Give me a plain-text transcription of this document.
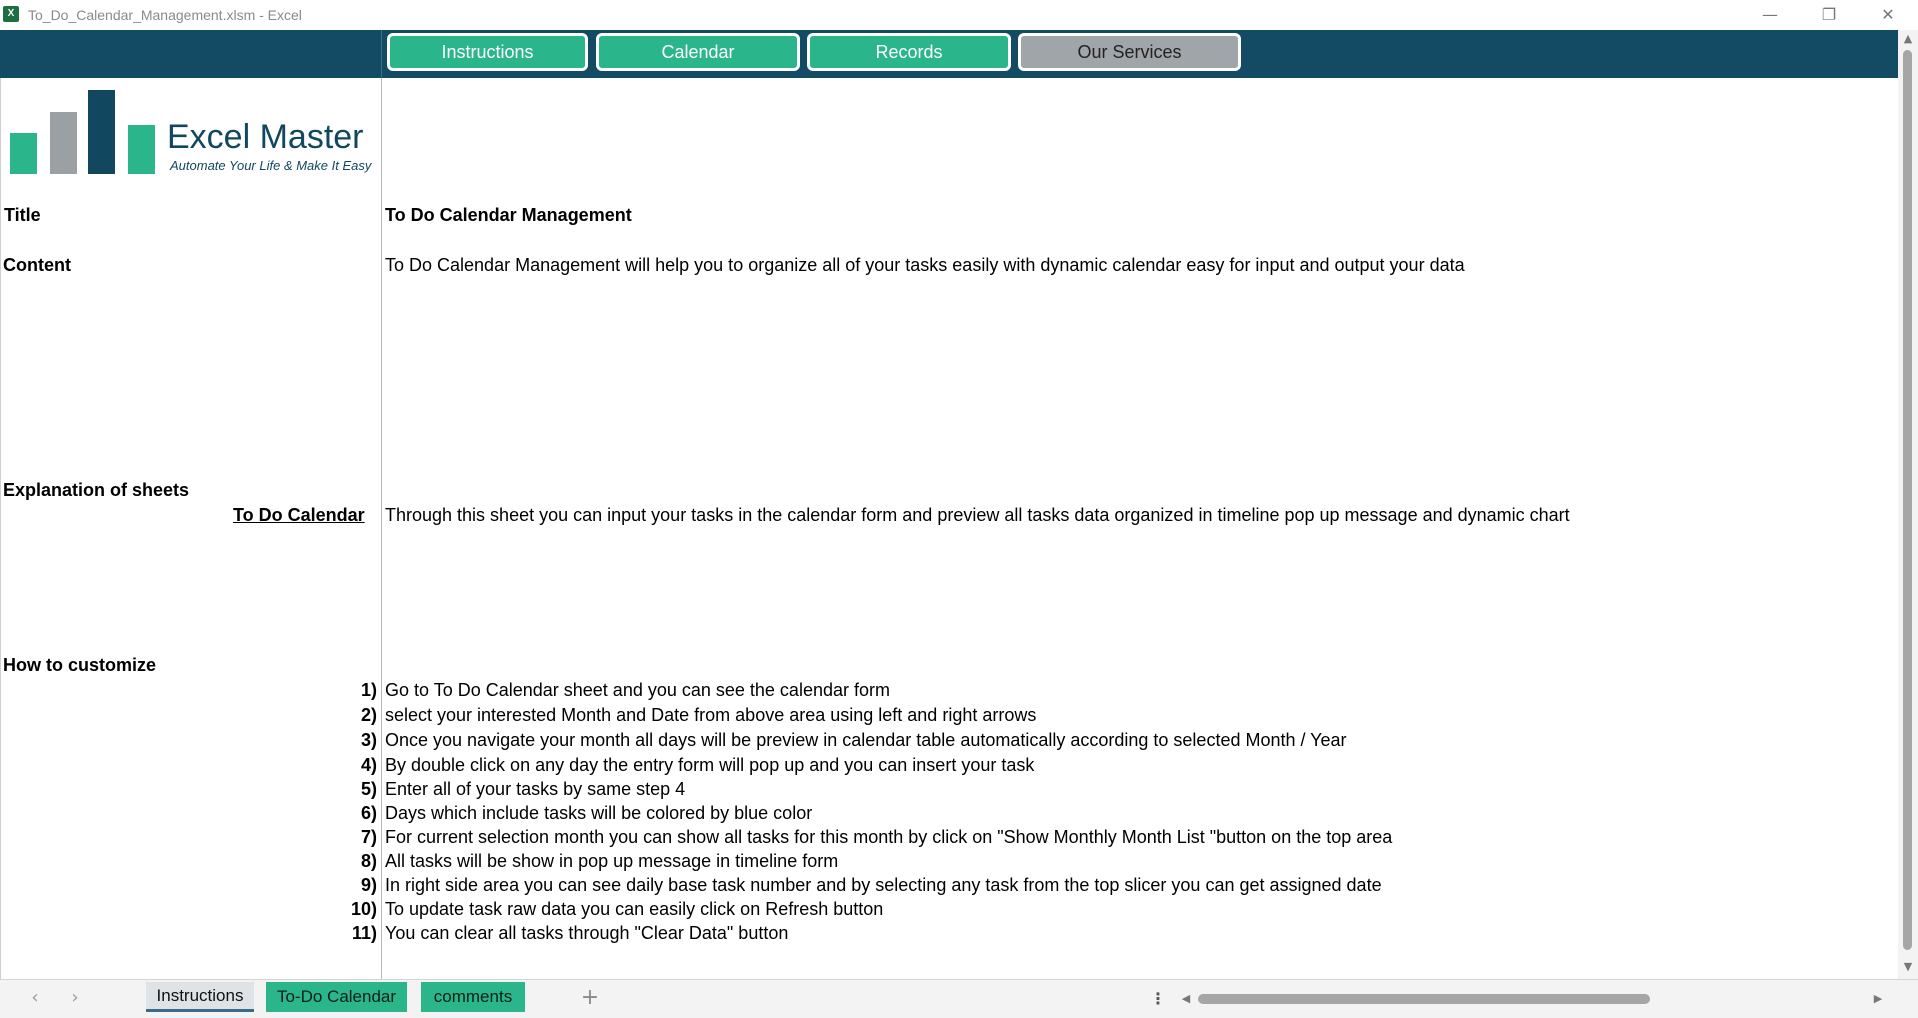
X To_Do_Calendar_Management.xlsm - Excel	—	❐	✕
Instructions	Calendar	Records	Our Services
Excel Master
Automate Your Life & Make It Easy
Title	To Do Calendar Management
Content	To Do Calendar Management will help you to organize all of your tasks easily with dynamic calendar easy for input and output your data
Explanation of sheets
To Do Calendar Through this sheet you can input your tasks in the calendar form and preview all tasks data organized in timeline pop up message and dynamic chart
How to customize
1) Go to To Do Calendar sheet and you can see the calendar form
2) select your interested Month and Date from above area using left and right arrows
3) Once you navigate your month all days will be preview in calendar table automatically according to selected Month / Year
4) By double click on any day the entry form will pop up and you can insert your task
5) Enter all of your tasks by same step 4
6) Days which include tasks will be colored by blue color
7) For current selection month you can show all tasks for this month by click on "Show Monthly Month List "button on the top area
8) All tasks will be show in pop up message in timeline form
9) In right side area you can see daily base task number and by selecting any task from the top slicer you can get assigned date
10) To update task raw data you can easily click on Refresh button
11) You can clear all tasks through "Clear Data" button
▲
▼
‹	›	Instructions	To-Do Calendar	comments	+	⋮	◀	▶
